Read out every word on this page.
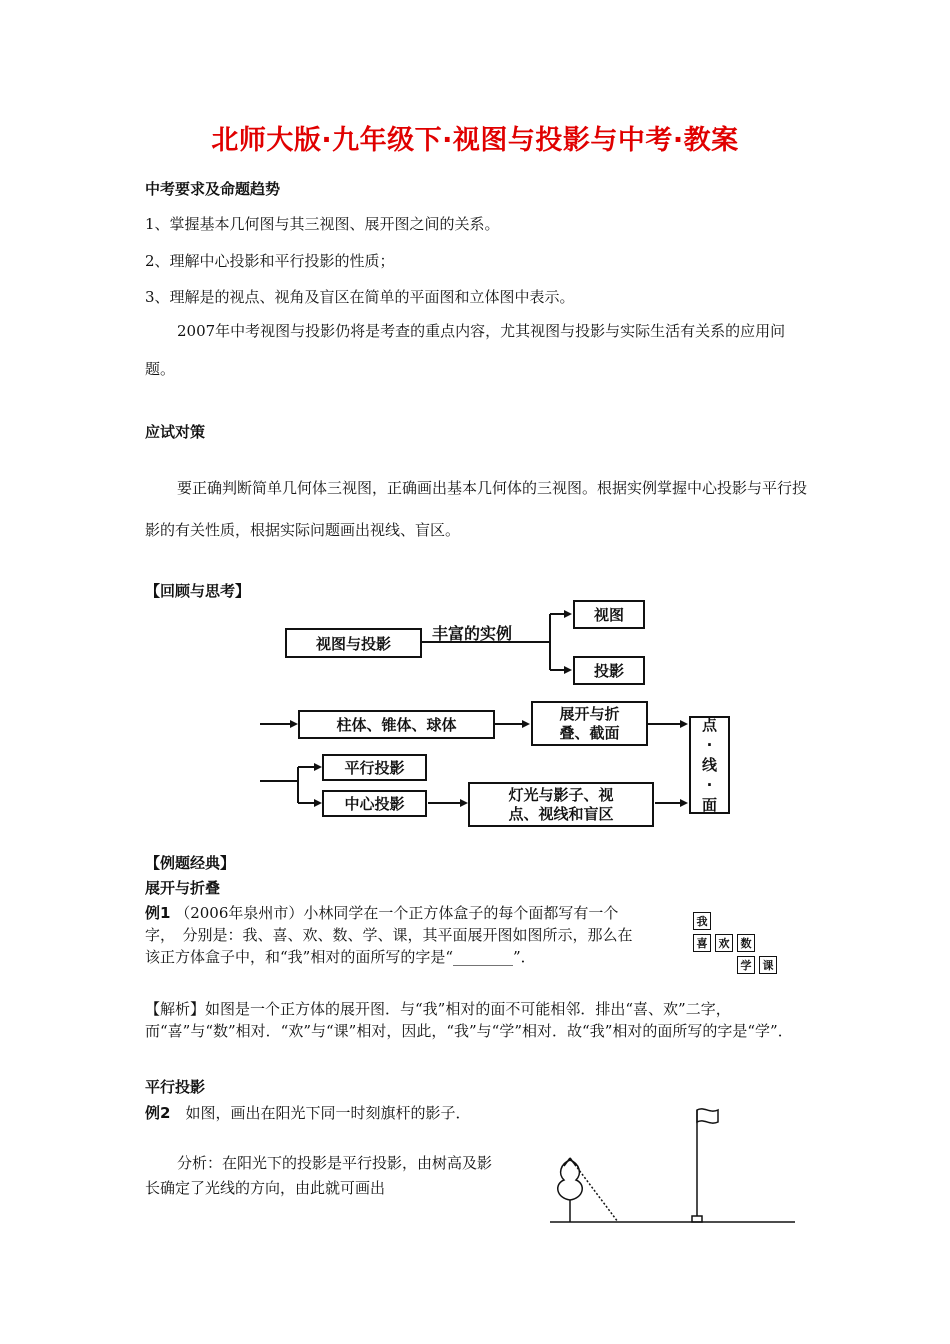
北师大版·九年级下·视图与投影与中考·教案
中考要求及命题趋势
1、掌握基本几何图与其三视图、展开图之间的关系。
2、理解中心投影和平行投影的性质；
3、理解是的视点、视角及盲区在简单的平面图和立体图中表示。
2007年中考视图与投影仍将是考查的重点内容，尤其视图与投影与实际生活有关系的应用问题。
应试对策
要正确判断简单几何体三视图，正确画出基本几何体的三视图。根据实例掌握中心投影与平行投影的有关性质，根据实际问题画出视线、盲区。
【回顾与思考】
视图与投影
丰富的实例
视图
投影
柱体、锥体、球体
展开与折
叠、截面	点
·
线
·
面
平行投影
中心投影
灯光与影子、视
点、视线和盲区
【例题经典】
展开与折叠
例1 （2006年泉州市）小林同学在一个正方体盒子的每个面都写有一个字，　分别是：我、喜、欢、数、学、课，其平面展开图如图所示，那么在该正方体盒子中，和“我”相对的面所写的字是“________”．
我
喜	欢	数
学	课
【解析】如图是一个正方体的展开图．与“我”相对的面不可能相邻．排出“喜、欢”二字，而“喜”与“数”相对．“欢”与“课”相对，因此，“我”与“学”相对．故“我”相对的面所写的字是“学”．
平行投影
例2　如图，画出在阳光下同一时刻旗杆的影子．
分析：在阳光下的投影是平行投影，由树高及影长确定了光线的方向，由此就可画出
